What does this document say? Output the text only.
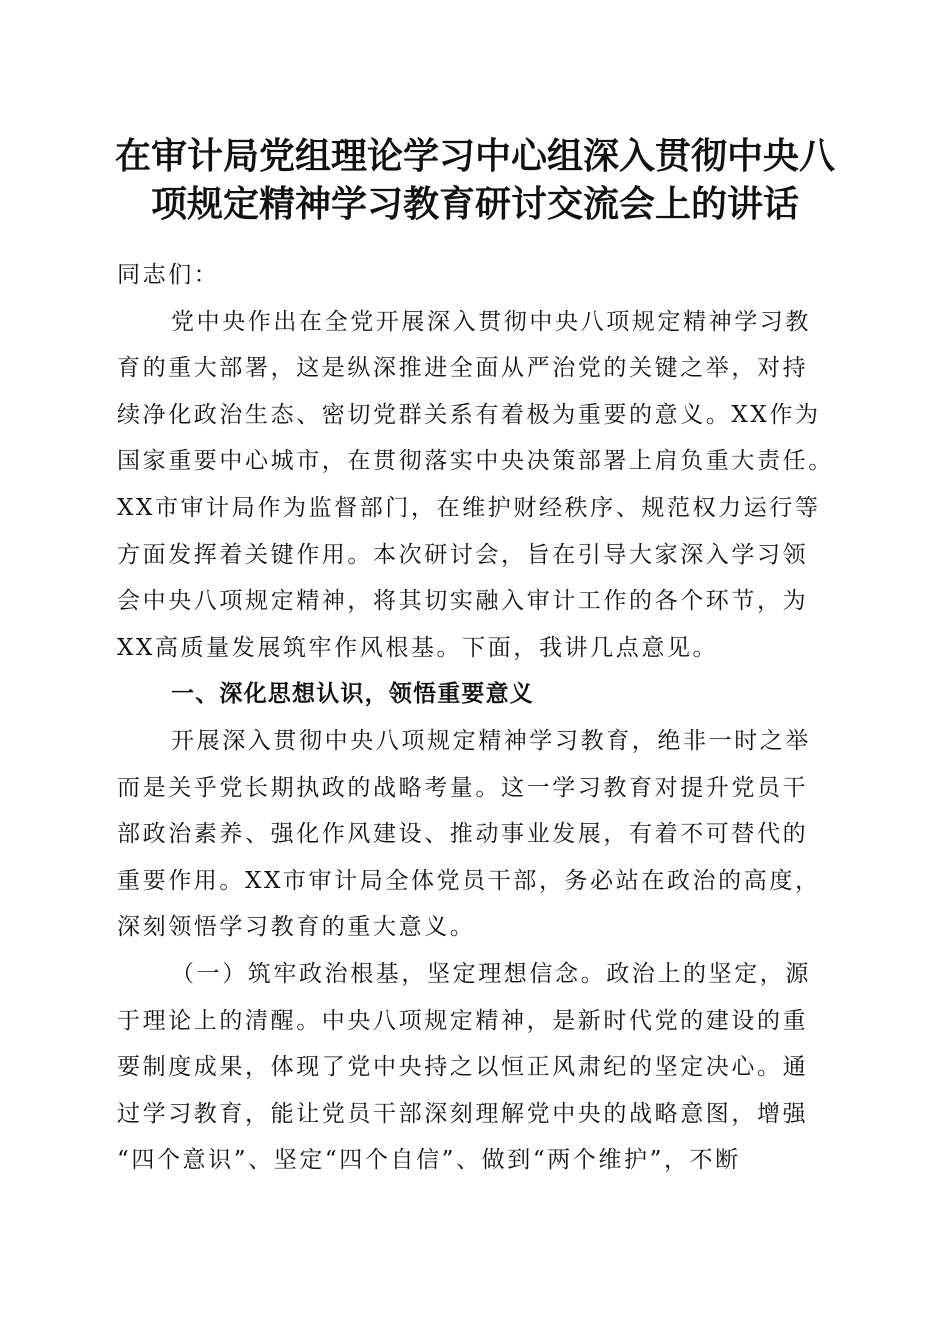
在审计局党组理论学习中心组深入贯彻中央八
项规定精神学习教育研讨交流会上的讲话
同志们：
党中央作出在全党开展深入贯彻中央八项规定精神学习教
育的重大部署，这是纵深推进全面从严治党的关键之举，对持
续净化政治生态、密切党群关系有着极为重要的意义。XX作为
国家重要中心城市，在贯彻落实中央决策部署上肩负重大责任。
XX市审计局作为监督部门，在维护财经秩序、规范权力运行等
方面发挥着关键作用。本次研讨会，旨在引导大家深入学习领
会中央八项规定精神，将其切实融入审计工作的各个环节，为
XX高质量发展筑牢作风根基。下面，我讲几点意见。
一、深化思想认识，领悟重要意义
开展深入贯彻中央八项规定精神学习教育，绝非一时之举
而是关乎党长期执政的战略考量。这一学习教育对提升党员干
部政治素养、强化作风建设、推动事业发展，有着不可替代的
重要作用。XX市审计局全体党员干部，务必站在政治的高度，
深刻领悟学习教育的重大意义。
（一）筑牢政治根基，坚定理想信念。政治上的坚定，源
于理论上的清醒。中央八项规定精神，是新时代党的建设的重
要制度成果，体现了党中央持之以恒正风肃纪的坚定决心。通
过学习教育，能让党员干部深刻理解党中央的战略意图，增强
“四个意识”、坚定“四个自信”、做到“两个维护”，不断
